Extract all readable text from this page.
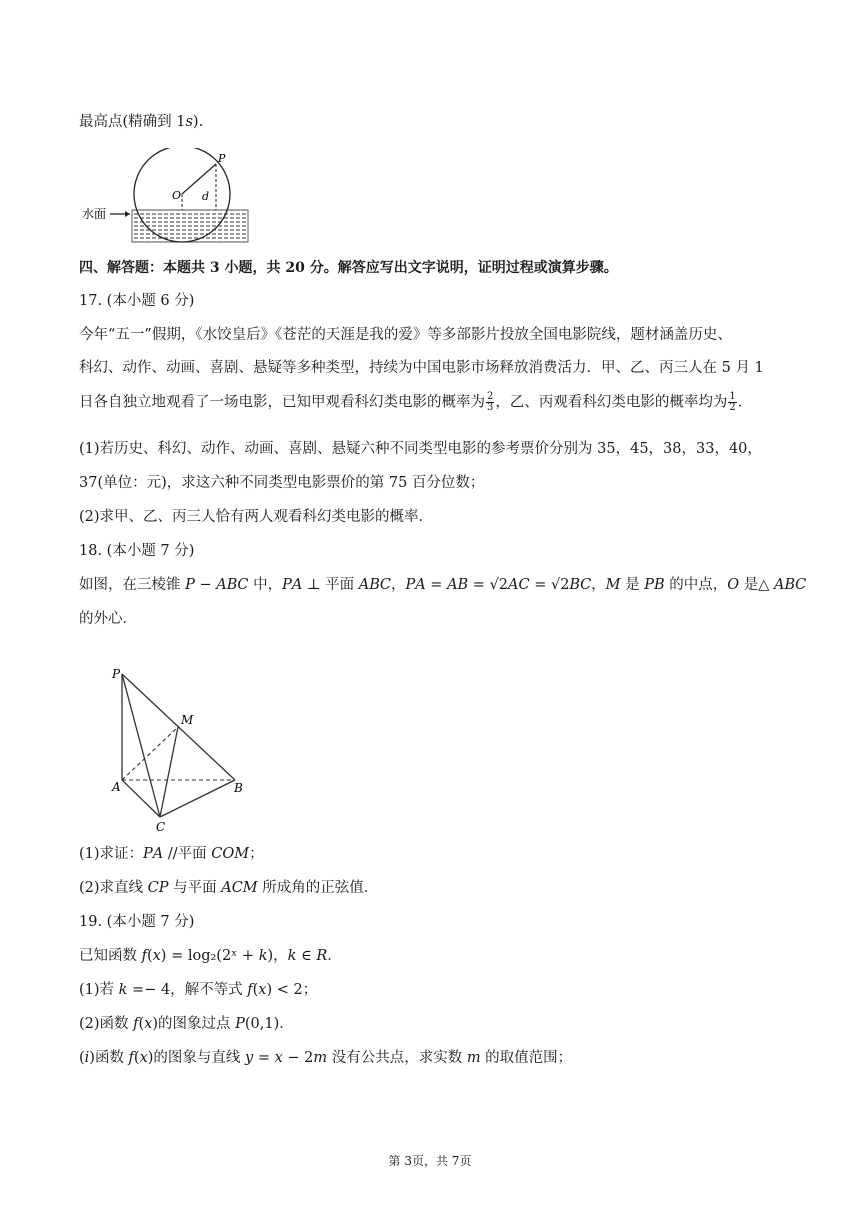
最高点(精确到 1𝑠).
水面
P
O d
四、解答题：本题共 3 小题，共 20 分。解答应写出文字说明，证明过程或演算步骤。
17. (本小题 6 分)
今年“五一”假期，《水饺皇后》《苍茫的天涯是我的爱》等多部影片投放全国电影院线，题材涵盖历史、
科幻、动作、动画、喜剧、悬疑等多种类型，持续为中国电影市场释放消费活力．甲、乙、丙三人在 5 月 1
日各自独立地观看了一场电影，已知甲观看科幻类电影的概率为 $\frac{2}{3}$ ，乙、丙观看科幻类电影的概率均为 $\frac{1}{2}$ .
(1)若历史、科幻、动作、动画、喜剧、悬疑六种不同类型电影的参考票价分别为 35，45，38，33，40，
37(单位：元)，求这六种不同类型电影票价的第 75 百分位数；
(2)求甲、乙、丙三人恰有两人观看科幻类电影的概率．
18. (本小题 7 分)
如图，在三棱锥 𝑃 − 𝐴𝐵𝐶 中，𝑃𝐴 ⊥ 平面 𝐴𝐵𝐶，𝑃𝐴 = 𝐴𝐵 = √2𝐴𝐶 = √2𝐵𝐶，𝑀 是 𝑃𝐵 的中点，𝑂 是△ 𝐴𝐵𝐶
的外心．
P
M
A	B
C
(1)求证：𝑃𝐴 //平面 𝐶𝑂𝑀；
(2)求直线 𝐶𝑃 与平面 𝐴𝐶𝑀 所成角的正弦值．
19. (本小题 7 分)
已知函数 𝑓(𝑥) = log₂(2ˣ + 𝑘)，𝑘 ∈ 𝑅．
(1)若 𝑘 =− 4，解不等式 𝑓(𝑥) < 2；
(2)函数 𝑓(𝑥)的图象过点 𝑃(0,1)．
(𝑖)函数 𝑓(𝑥)的图象与直线 𝑦 = 𝑥 − 2𝑚 没有公共点，求实数 𝑚 的取值范围；
第 3页，共 7页
